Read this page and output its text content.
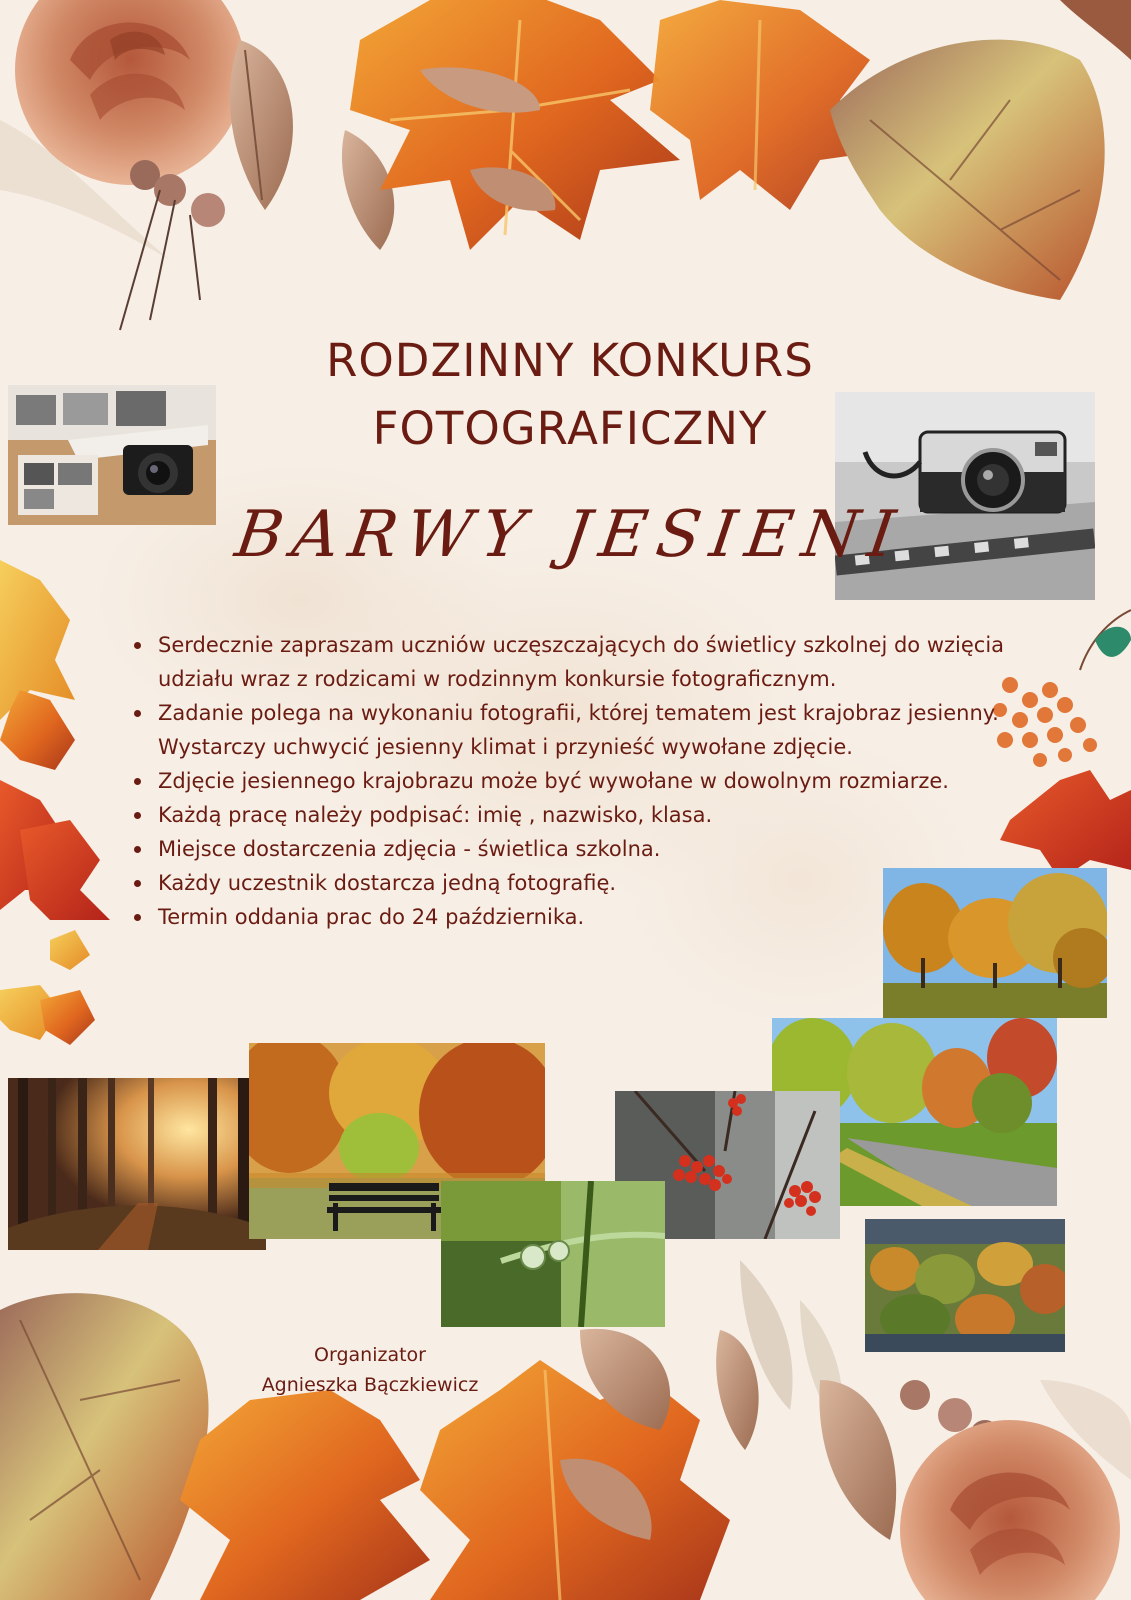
RODZINNY KONKURS
FOTOGRAFICZNY
BARWY JESIENI
Serdecznie zapraszam uczniów uczęszczających do świetlicy szkolnej do wzięcia udziału wraz z rodzicami w rodzinnym konkursie fotograficznym.
Zadanie polega na wykonaniu fotografii, której tematem jest krajobraz jesienny. Wystarczy uchwycić jesienny klimat i przynieść wywołane zdjęcie.
Zdjęcie jesiennego krajobrazu może być wywołane w dowolnym rozmiarze.
Każdą pracę należy podpisać: imię , nazwisko, klasa.
Miejsce dostarczenia zdjęcia - świetlica szkolna.
Każdy uczestnik dostarcza jedną fotografię.
Termin oddania prac do 24 października.
Organizator
Agnieszka Bączkiewicz
